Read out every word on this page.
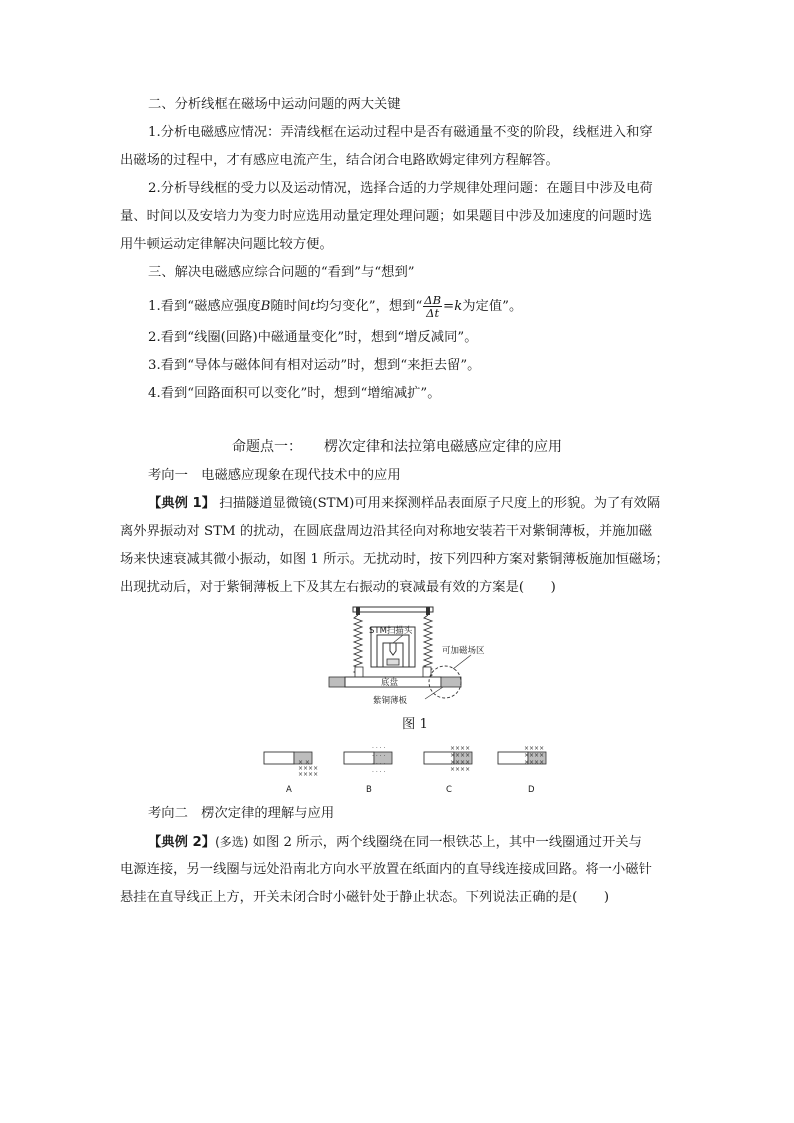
二、分析线框在磁场中运动问题的两大关键
1.分析电磁感应情况：弄清线框在运动过程中是否有磁通量不变的阶段，线框进入和穿
出磁场的过程中，才有感应电流产生，结合闭合电路欧姆定律列方程解答。
2.分析导线框的受力以及运动情况，选择合适的力学规律处理问题：在题目中涉及电荷
量、时间以及安培力为变力时应选用动量定理处理问题；如果题目中涉及加速度的问题时选
用牛顿运动定律解决问题比较方便。
三、解决电磁感应综合问题的“看到”与“想到”
1.看到“磁感应强度B随时间t均匀变化”，想到“ $\frac{\Delta B}{\Delta t} =k$为定值”。
2.看到“线圈(回路)中磁通量变化”时，想到“增反减同”。
3.看到“导体与磁体间有相对运动”时，想到“来拒去留”。
4.看到“回路面积可以变化”时，想到“增缩减扩”。
命题点一： 楞次定律和法拉第电磁感应定律的应用
考向一　电磁感应现象在现代技术中的应用
【典例 1】 扫描隧道显微镜(STM)可用来探测样品表面原子尺度上的形貌。为了有效隔
离外界振动对 STM 的扰动，在圆底盘周边沿其径向对称地安装若干对紫铜薄板，并施加磁
场来快速衰减其微小振动，如图 1 所示。无扰动时，按下列四种方案对紫铜薄板施加恒磁场；
出现扰动后，对于紫铜薄板上下及其左右振动的衰减最有效的方案是(　　)
STM扫描头
可加磁场区
底盘
紫铜薄板
图 1
××××
××××
× ×
· · · ·
· · · ·
· · · ·
· · · ·
××××
××××
××××
××××
××××
××××
××××
A	B	C	D
考向二　楞次定律的理解与应用
【典例 2】(多选) 如图 2 所示，两个线圈绕在同一根铁芯上，其中一线圈通过开关与
电源连接，另一线圈与远处沿南北方向水平放置在纸面内的直导线连接成回路。将一小磁针
悬挂在直导线正上方，开关未闭合时小磁针处于静止状态。下列说法正确的是(　　)
